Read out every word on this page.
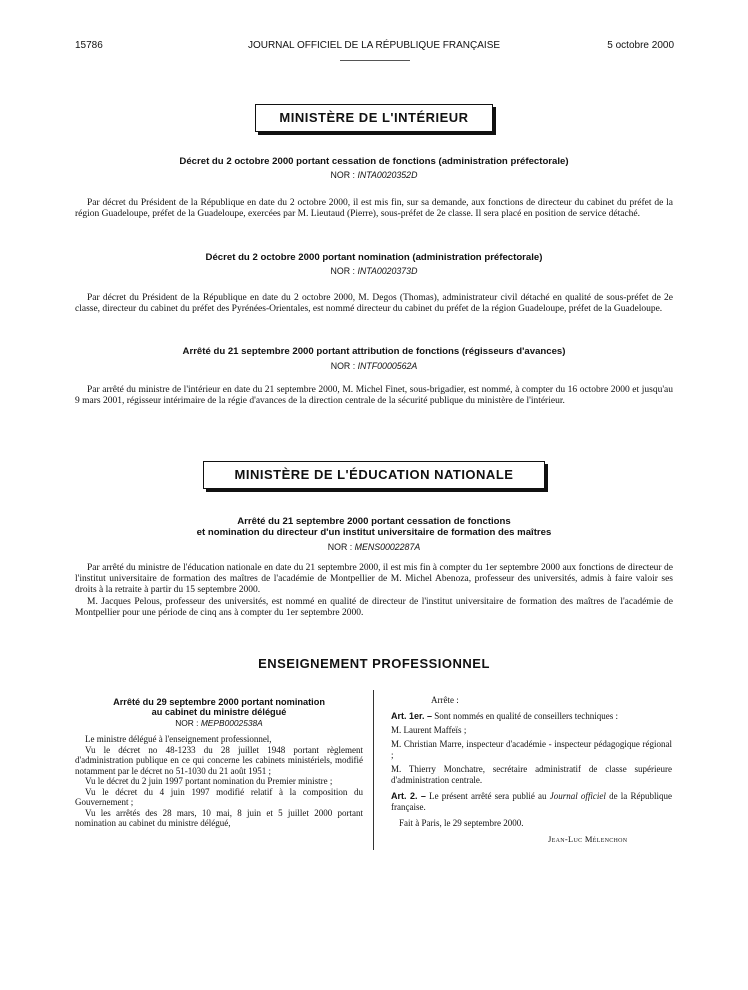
15786	JOURNAL OFFICIEL DE LA RÉPUBLIQUE FRANÇAISE	5 octobre 2000
MINISTÈRE DE L'INTÉRIEUR
Décret du 2 octobre 2000 portant cessation de fonctions (administration préfectorale)
NOR : INTA0020352D

Par décret du Président de la République en date du 2 octobre 2000, il est mis fin, sur sa demande, aux fonctions de directeur du cabinet du préfet de la région Guadeloupe, préfet de la Guadeloupe, exercées par M. Lieutaud (Pierre), sous-préfet de 2e classe. Il sera placé en position de service détaché.

Décret du 2 octobre 2000 portant nomination (administration préfectorale)
NOR : INTA0020373D

Par décret du Président de la République en date du 2 octobre 2000, M. Degos (Thomas), administrateur civil détaché en qualité de sous-préfet de 2e classe, directeur du cabinet du préfet des Pyrénées-Orientales, est nommé directeur du cabinet du préfet de la région Guadeloupe, préfet de la Guadeloupe.

Arrêté du 21 septembre 2000 portant attribution de fonctions (régisseurs d'avances)
NOR : INTF0000562A

Par arrêté du ministre de l'intérieur en date du 21 septembre 2000, M. Michel Finet, sous-brigadier, est nommé, à compter du 16 octobre 2000 et jusqu'au 9 mars 2001, régisseur intérimaire de la régie d'avances de la direction centrale de la sécurité publique du ministère de l'intérieur.

MINISTÈRE DE L'ÉDUCATION NATIONALE
Arrêté du 21 septembre 2000 portant cessation de fonctions
et nomination du directeur d'un institut universitaire de formation des maîtres
NOR : MENS0002287A

Par arrêté du ministre de l'éducation nationale en date du 21 septembre 2000, il est mis fin à compter du 1er septembre 2000 aux fonctions de directeur de l'institut universitaire de formation des maîtres de l'académie de Montpellier de M. Michel Abenoza, professeur des universités, admis à faire valoir ses droits à la retraite à partir du 15 septembre 2000.

M. Jacques Pelous, professeur des universités, est nommé en qualité de directeur de l'institut universitaire de formation des maîtres de l'académie de Montpellier pour une période de cinq ans à compter du 1er septembre 2000.

ENSEIGNEMENT PROFESSIONNEL
Arrêté du 29 septembre 2000 portant nomination
au cabinet du ministre délégué
NOR : MEPB0002538A

Le ministre délégué à l'enseignement professionnel,

Vu le décret no 48-1233 du 28 juillet 1948 portant règlement d'administration publique en ce qui concerne les cabinets ministériels, modifié notamment par le décret no 51-1030 du 21 août 1951 ;

Vu le décret du 2 juin 1997 portant nomination du Premier ministre ;

Vu le décret du 4 juin 1997 modifié relatif à la composition du Gouvernement ;

Vu les arrêtés des 28 mars, 10 mai, 8 juin et 5 juillet 2000 portant nomination au cabinet du ministre délégué,

Arrête :

Art. 1er. – Sont nommés en qualité de conseillers techniques :

M. Laurent Maffeïs ;

M. Christian Marre, inspecteur d'académie - inspecteur pédagogique régional ;

M. Thierry Monchatre, secrétaire administratif de classe supérieure d'administration centrale.

Art. 2. – Le présent arrêté sera publié au Journal officiel de la République française.

Fait à Paris, le 29 septembre 2000.

Jean-Luc Mélenchon
